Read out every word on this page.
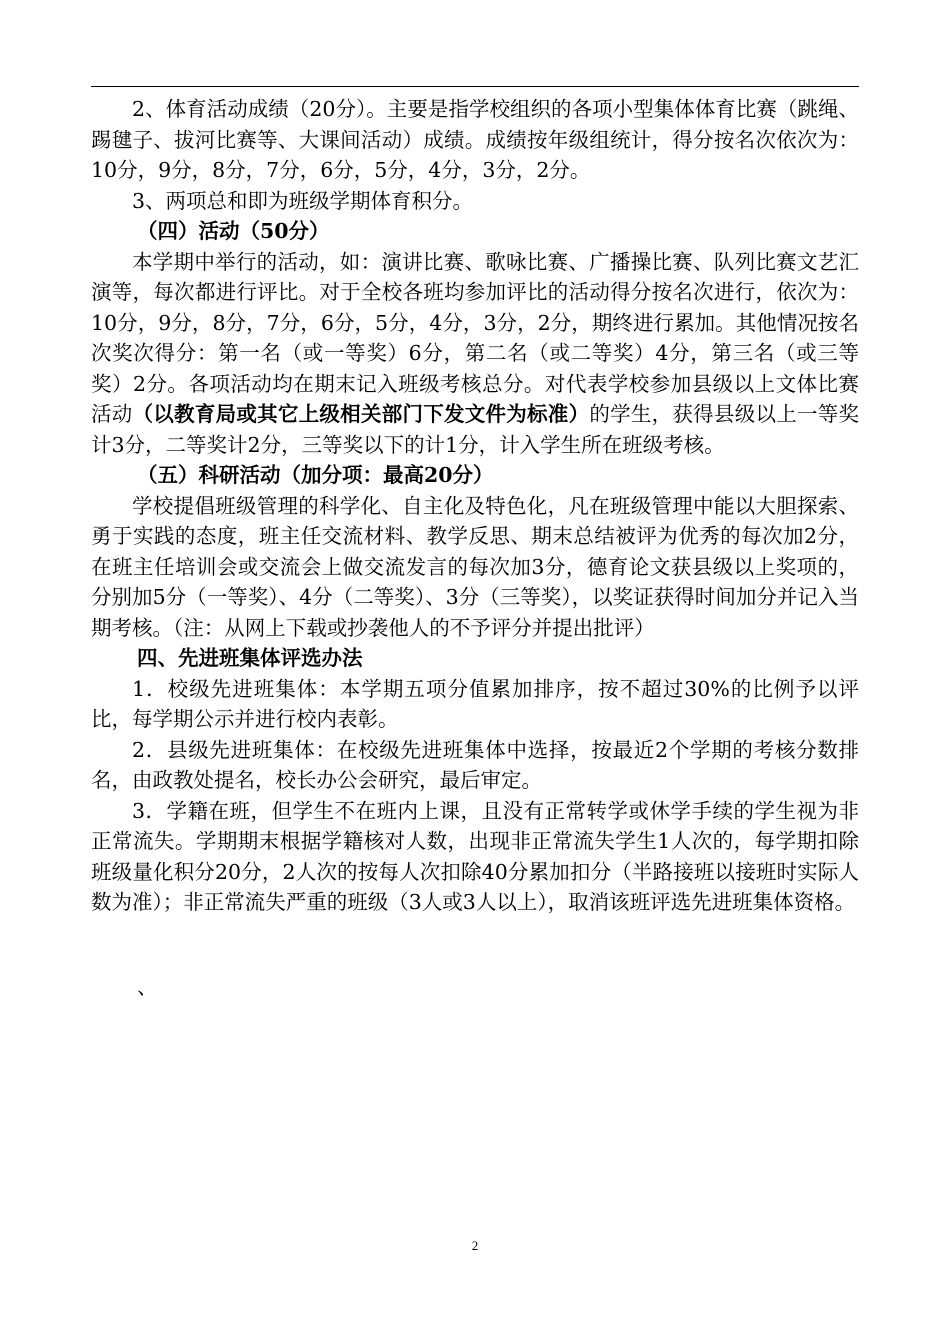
2、体育活动成绩（20分）。主要是指学校组织的各项小型集体体育比赛（跳绳、踢毽子、拔河比赛等、大课间活动）成绩。成绩按年级组统计，得分按名次依次为：10分，9分，8分，7分，6分，5分，4分，3分，2分。

3、两项总和即为班级学期体育积分。

（四）活动（50分）

本学期中举行的活动，如：演讲比赛、歌咏比赛、广播操比赛、队列比赛文艺汇演等，每次都进行评比。对于全校各班均参加评比的活动得分按名次进行，依次为：10分，9分，8分，7分，6分，5分，4分，3分，2分，期终进行累加。其他情况按名次奖次得分：第一名（或一等奖）6分，第二名（或二等奖）4分，第三名（或三等奖）2分。各项活动均在期末记入班级考核总分。对代表学校参加县级以上文体比赛活动（以教育局或其它上级相关部门下发文件为标准）的学生，获得县级以上一等奖计3分，二等奖计2分，三等奖以下的计1分，计入学生所在班级考核。

（五）科研活动（加分项：最高20分）

学校提倡班级管理的科学化、自主化及特色化，凡在班级管理中能以大胆探索、勇于实践的态度，班主任交流材料、教学反思、期末总结被评为优秀的每次加2分，在班主任培训会或交流会上做交流发言的每次加3分，德育论文获县级以上奖项的，分别加5分（一等奖）、4分（二等奖）、3分（三等奖），以奖证获得时间加分并记入当期考核。（注：从网上下载或抄袭他人的不予评分并提出批评）

四、先进班集体评选办法

1．校级先进班集体：本学期五项分值累加排序，按不超过30%的比例予以评比，每学期公示并进行校内表彰。

2．县级先进班集体：在校级先进班集体中选择，按最近2个学期的考核分数排名，由政教处提名，校长办公会研究，最后审定。

3．学籍在班，但学生不在班内上课，且没有正常转学或休学手续的学生视为非正常流失。学期期末根据学籍核对人数，出现非正常流失学生1人次的，每学期扣除班级量化积分20分，2人次的按每人次扣除40分累加扣分（半路接班以接班时实际人数为准）；非正常流失严重的班级（3人或3人以上），取消该班评选先进班集体资格。

、

2
